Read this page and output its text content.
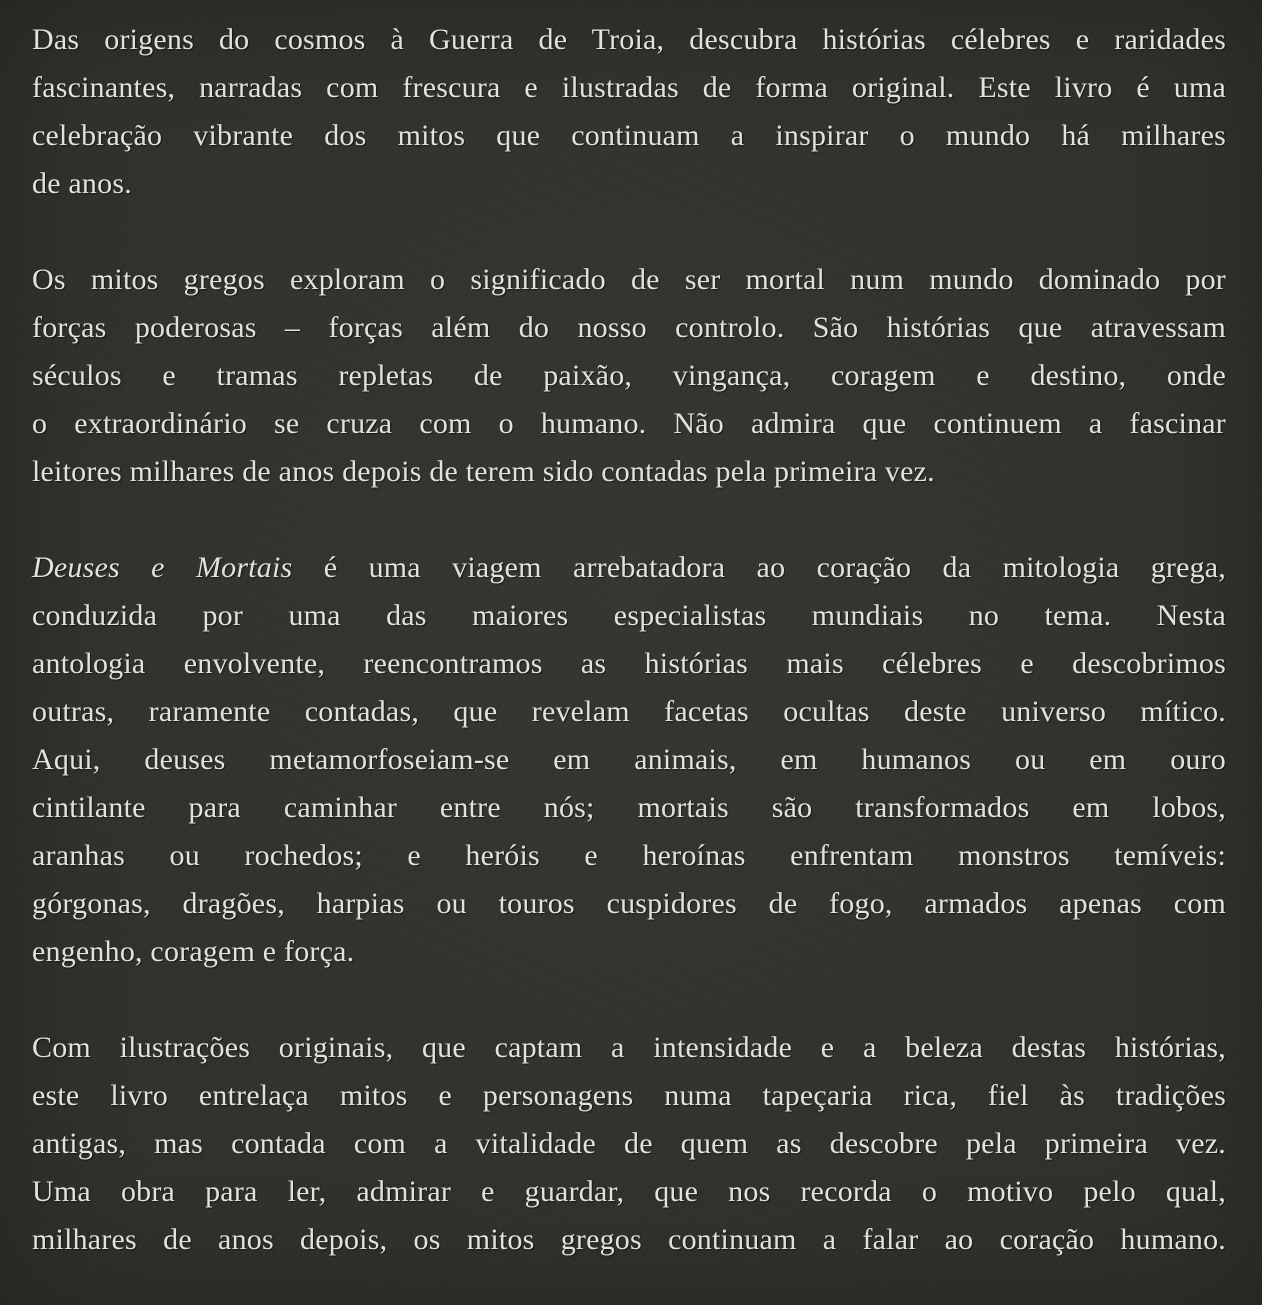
Das origens do cosmos à Guerra de Troia, descubra histórias célebres e raridades
fascinantes, narradas com frescura e ilustradas de forma original. Este livro é uma
celebração vibrante dos mitos que continuam a inspirar o mundo há milhares
de anos.
Os mitos gregos exploram o significado de ser mortal num mundo dominado por
forças poderosas – forças além do nosso controlo. São histórias que atravessam
séculos e tramas repletas de paixão, vingança, coragem e destino, onde
o extraordinário se cruza com o humano. Não admira que continuem a fascinar
leitores milhares de anos depois de terem sido contadas pela primeira vez.
Deuses e Mortais é uma viagem arrebatadora ao coração da mitologia grega,
conduzida por uma das maiores especialistas mundiais no tema. Nesta
antologia envolvente, reencontramos as histórias mais célebres e descobrimos
outras, raramente contadas, que revelam facetas ocultas deste universo mítico.
Aqui, deuses metamorfoseiam-se em animais, em humanos ou em ouro
cintilante para caminhar entre nós; mortais são transformados em lobos,
aranhas ou rochedos; e heróis e heroínas enfrentam monstros temíveis:
górgonas, dragões, harpias ou touros cuspidores de fogo, armados apenas com
engenho, coragem e força.
Com ilustrações originais, que captam a intensidade e a beleza destas histórias,
este livro entrelaça mitos e personagens numa tapeçaria rica, fiel às tradições
antigas, mas contada com a vitalidade de quem as descobre pela primeira vez.
Uma obra para ler, admirar e guardar, que nos recorda o motivo pelo qual,
milhares de anos depois, os mitos gregos continuam a falar ao coração humano.
